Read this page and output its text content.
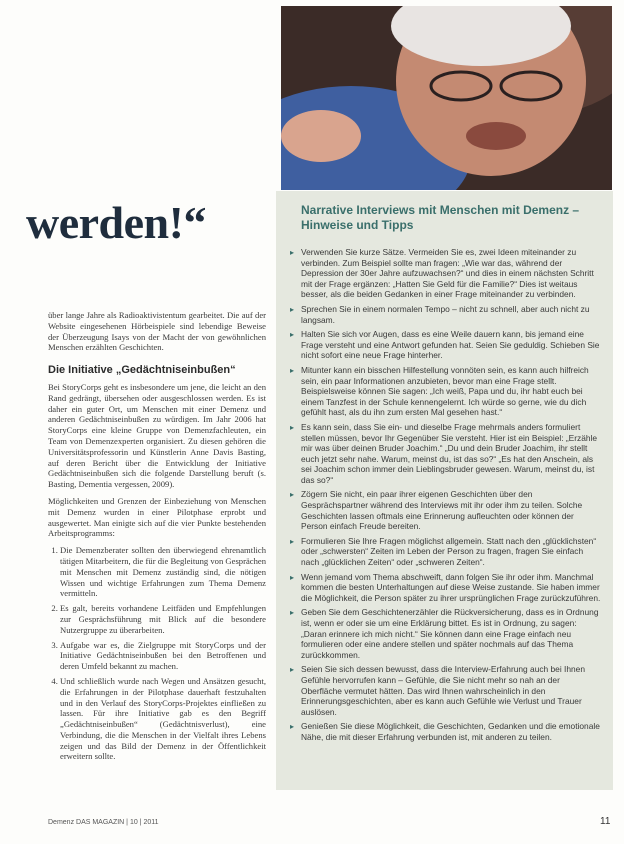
werden!“

über lange Jahre als Radioaktivistentum gearbeitet. Die auf der Website eingesehenen Hörbeispiele sind lebendige Beweise der Überzeugung Isays von der Macht der von gewöhnlichen Menschen erzählten Geschichten.

Die Initiative „Gedächtniseinbußen“

Bei StoryCorps geht es insbesondere um jene, die leicht an den Rand gedrängt, übersehen oder ausgeschlossen werden. Es ist daher ein guter Ort, um Menschen mit einer Demenz und anderen Gedächtniseinbußen zu würdigen. Im Jahr 2006 hat StoryCorps eine kleine Gruppe von Demenzfachleuten, ein Team von Demenzexperten organisiert. Zu diesen gehören die Universitätsprofessorin und Künstlerin Anne Davis Basting, auf deren Bericht über die Entwicklung der Initiative Gedächtniseinbußen sich die folgende Darstellung beruft (s. Basting, Dementia vergessen, 2009).

Möglichkeiten und Grenzen der Einbeziehung von Menschen mit Demenz wurden in einer Pilotphase erprobt und ausgewertet. Man einigte sich auf die vier Punkte bestehenden Arbeitsprogramms:

1. Die Demenzberater sollten den überwiegend ehrenamtlich tätigen Mitarbeitern, die für die Begleitung von Gesprächen mit Menschen mit Demenz zuständig sind, die nötigen Wissen und wichtige Erfahrungen zum Thema Demenz vermitteln.
2. Es galt, bereits vorhandene Leitfäden und Empfehlungen zur Gesprächsführung mit Blick auf die besondere Nutzergruppe zu überarbeiten.
3. Aufgabe war es, die Zielgruppe mit StoryCorps und der Initiative Gedächtniseinbußen bei den Betroffenen und deren Umfeld bekannt zu machen.
4. Und schließlich wurde nach Wegen und Ansätzen gesucht, die Erfahrungen in der Pilotphase dauerhaft festzuhalten und in den Verlauf des StoryCorps-Projektes einfließen zu lassen. Für ihre Initiative gab es den Begriff „Gedächtniseinbußen“ (Gedächtnisverlust), eine Verbindung, die die Menschen in der Vielfalt ihres Lebens zeigen und das Bild der Demenz in der Öffentlichkeit erweitern sollte.
Narrative Interviews mit Menschen mit Demenz – Hinweise und Tipps
▸ Verwenden Sie kurze Sätze. Vermeiden Sie es, zwei Ideen miteinander zu verbinden. Zum Beispiel sollte man fragen: „Wie war das, während der Depression der 30er Jahre aufzuwachsen?“ und dies in einem nächsten Schritt mit der Frage ergänzen: „Hatten Sie Geld für die Familie?“ Dies ist weitaus besser, als die beiden Gedanken in einer Frage miteinander zu verbinden.
▸ Sprechen Sie in einem normalen Tempo – nicht zu schnell, aber auch nicht zu langsam.
▸ Halten Sie sich vor Augen, dass es eine Weile dauern kann, bis jemand eine Frage versteht und eine Antwort gefunden hat. Seien Sie geduldig. Schieben Sie nicht sofort eine neue Frage hinterher.
▸ Mitunter kann ein bisschen Hilfestellung vonnöten sein, es kann auch hilfreich sein, ein paar Informationen anzubieten, bevor man eine Frage stellt. Beispielsweise können Sie sagen: „Ich weiß, Papa und du, ihr habt euch bei einem Tanzfest in der Schule kennengelernt. Ich würde so gerne, wie du dich gefühlt hast, als du ihn zum ersten Mal gesehen hast.“
▸ Es kann sein, dass Sie ein- und dieselbe Frage mehrmals anders formuliert stellen müssen, bevor Ihr Gegenüber Sie versteht. Hier ist ein Beispiel: „Erzähle mir was über deinen Bruder Joachim.“ „Du und dein Bruder Joachim, ihr stellt euch jetzt sehr nahe. Warum, meinst du, ist das so?“ „Es hat den Anschein, als sei Joachim schon immer dein Lieblingsbruder gewesen. Warum, meinst du, ist das so?“
▸ Zögern Sie nicht, ein paar ihrer eigenen Geschichten über den Gesprächspartner während des Interviews mit ihr oder ihm zu teilen. Solche Geschichten lassen oftmals eine Erinnerung aufleuchten oder können der Person einfach Freude bereiten.
▸ Formulieren Sie Ihre Fragen möglichst allgemein. Statt nach den „glücklichsten“ oder „schwersten“ Zeiten im Leben der Person zu fragen, fragen Sie einfach nach „glücklichen Zeiten“ oder „schweren Zeiten“.
▸ Wenn jemand vom Thema abschweift, dann folgen Sie ihr oder ihm. Manchmal kommen die besten Unterhaltungen auf diese Weise zustande. Sie haben immer die Möglichkeit, die Person später zu ihrer ursprünglichen Frage zurückzuführen.
▸ Geben Sie dem Geschichtenerzähler die Rückversicherung, dass es in Ordnung ist, wenn er oder sie um eine Erklärung bittet. Es ist in Ordnung, zu sagen: „Daran erinnere ich mich nicht.“ Sie können dann eine Frage einfach neu formulieren oder eine andere stellen und später nochmals auf das Thema zurückkommen.
▸ Seien Sie sich dessen bewusst, dass die Interview-Erfahrung auch bei Ihnen Gefühle hervorrufen kann – Gefühle, die Sie nicht mehr so nah an der Oberfläche vermutet hätten. Das wird Ihnen wahrscheinlich in den Erinnerungsgeschichten, aber es kann auch Gefühle wie Verlust und Trauer auslösen.
▸ Genießen Sie diese Möglichkeit, die Geschichten, Gedanken und die emotionale Nähe, die mit dieser Erfahrung verbunden ist, mit anderen zu teilen.
Demenz DAS MAGAZIN | 10 | 2011	11
